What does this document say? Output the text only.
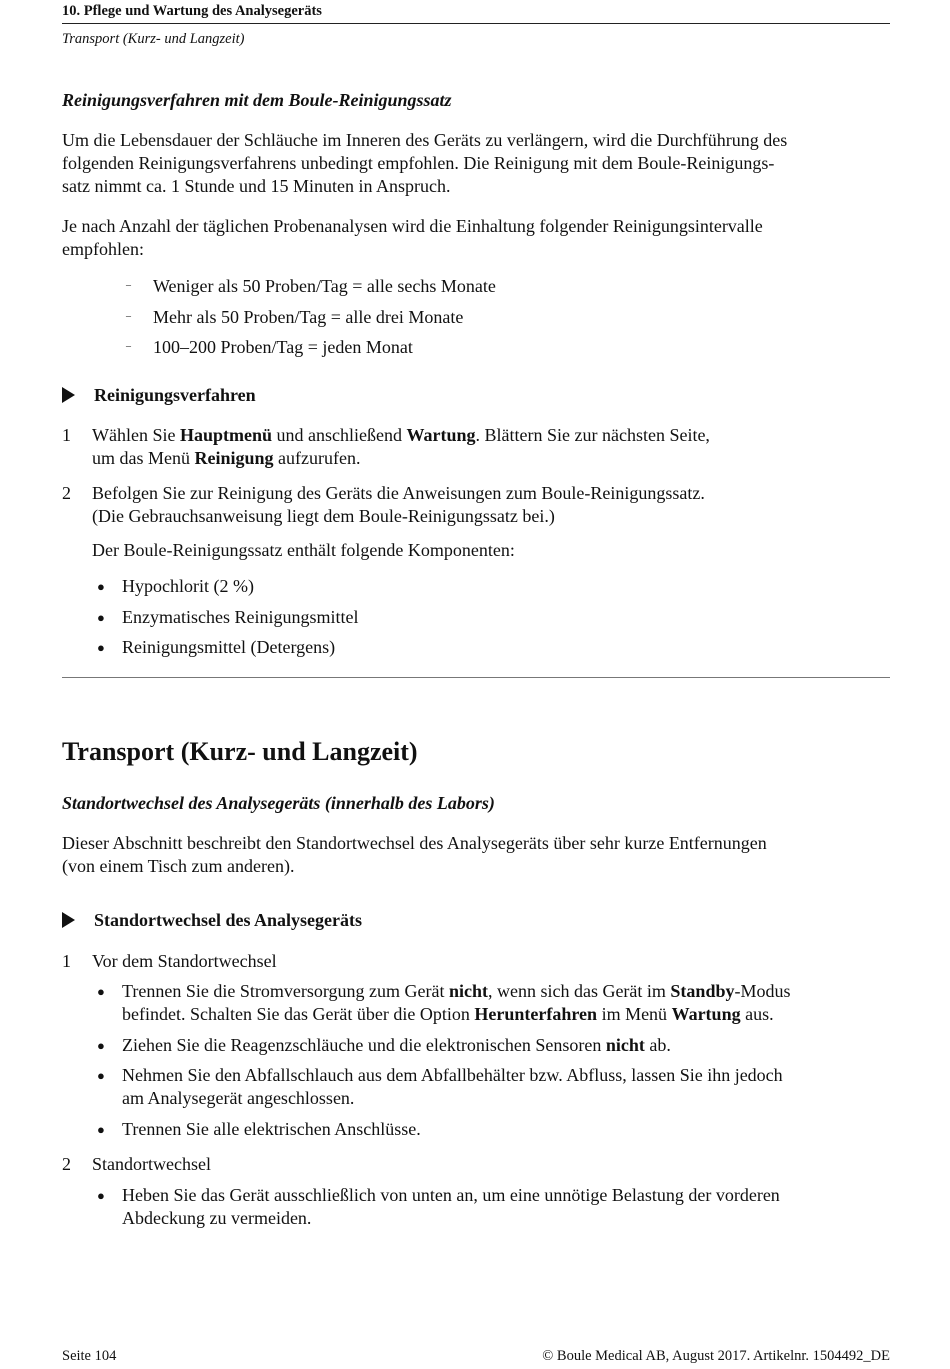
10. Pflege und Wartung des Analysegeräts
Transport (Kurz- und Langzeit)
Reinigungsverfahren mit dem Boule-Reinigungssatz

Um die Lebensdauer der Schläuche im Inneren des Geräts zu verlängern, wird die Durchführung des

folgenden Reinigungsverfahrens unbedingt empfohlen. Die Reinigung mit dem Boule-Reinigungs-

satz nimmt ca. 1 Stunde und 15 Minuten in Anspruch.

Je nach Anzahl der täglichen Probenanalysen wird die Einhaltung folgender Reinigungsintervalle

empfohlen:

– Weniger als 50 Proben/Tag = alle sechs Monate
– Mehr als 50 Proben/Tag = alle drei Monate
– 100–200 Proben/Tag = jeden Monat
Reinigungsverfahren
1 Wählen Sie Hauptmenü und anschließend Wartung. Blättern Sie zur nächsten Seite,
um das Menü Reinigung aufzurufen.
2 Befolgen Sie zur Reinigung des Geräts die Anweisungen zum Boule-Reinigungssatz.
(Die Gebrauchsanweisung liegt dem Boule-Reinigungssatz bei.)
Der Boule-Reinigungssatz enthält folgende Komponenten:
● Hypochlorit (2 %)
● Enzymatisches Reinigungsmittel
● Reinigungsmittel (Detergens)
Transport (Kurz- und Langzeit)
Standortwechsel des Analysegeräts (innerhalb des Labors)

Dieser Abschnitt beschreibt den Standortwechsel des Analysegeräts über sehr kurze Entfernungen

(von einem Tisch zum anderen).

Standortwechsel des Analysegeräts
1 Vor dem Standortwechsel
● Trennen Sie die Stromversorgung zum Gerät nicht, wenn sich das Gerät im Standby-Modus
befindet. Schalten Sie das Gerät über die Option Herunterfahren im Menü Wartung aus.
● Ziehen Sie die Reagenzschläuche und die elektronischen Sensoren nicht ab.
● Nehmen Sie den Abfallschlauch aus dem Abfallbehälter bzw. Abfluss, lassen Sie ihn jedoch
am Analysegerät angeschlossen.
● Trennen Sie alle elektrischen Anschlüsse.
2 Standortwechsel
● Heben Sie das Gerät ausschließlich von unten an, um eine unnötige Belastung der vorderen
Abdeckung zu vermeiden.
Seite 104	© Boule Medical AB, August 2017. Artikelnr. 1504492_DE
